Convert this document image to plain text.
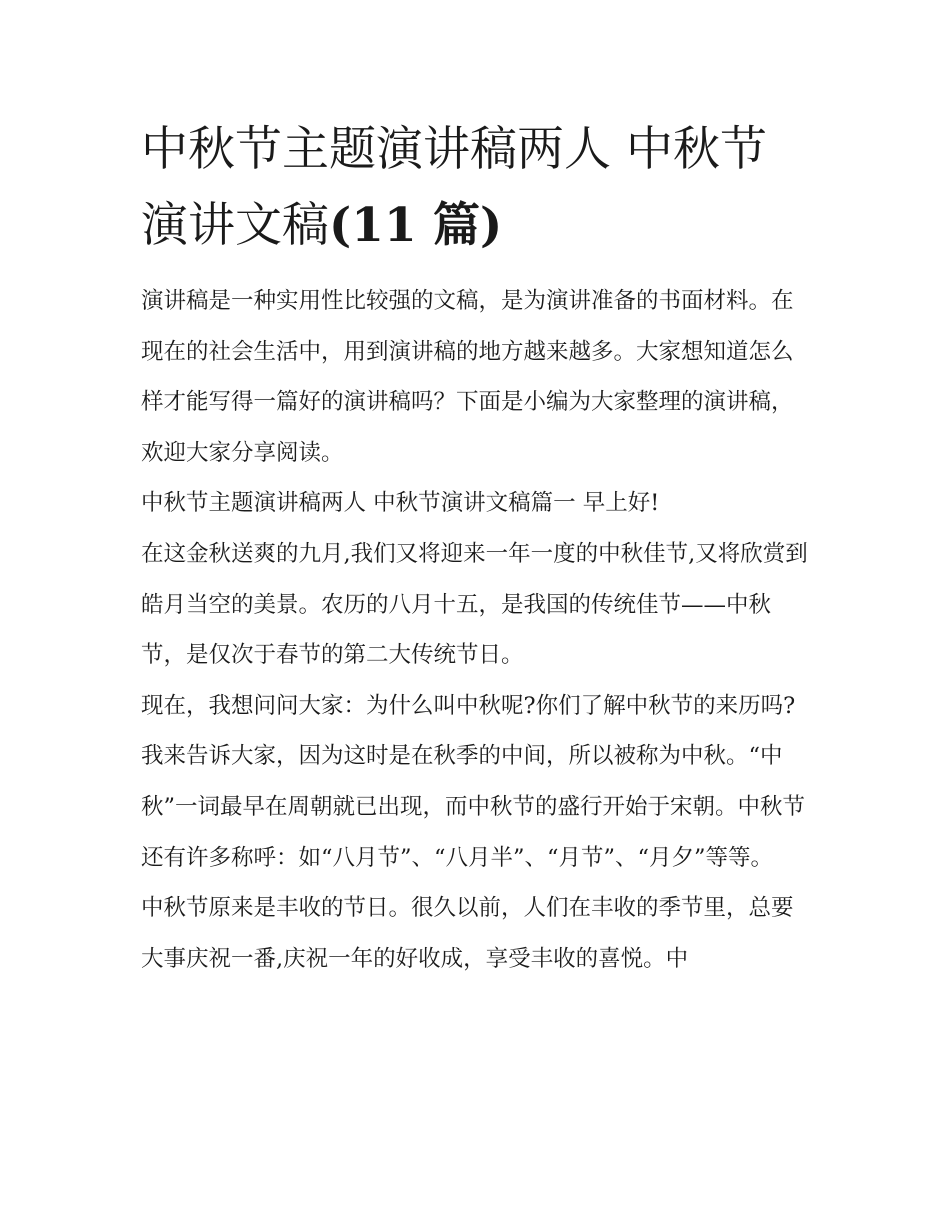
中秋节主题演讲稿两人 中秋节演讲文稿(11 篇)

演讲稿是一种实用性比较强的文稿，是为演讲准备的书面材料。在现在的社会生活中，用到演讲稿的地方越来越多。大家想知道怎么样才能写得一篇好的演讲稿吗？下面是小编为大家整理的演讲稿，欢迎大家分享阅读。

中秋节主题演讲稿两人 中秋节演讲文稿篇一 早上好!

在这金秋送爽的九月,我们又将迎来一年一度的中秋佳节,又将欣赏到皓月当空的美景。农历的八月十五，是我国的传统佳节——中秋节，是仅次于春节的第二大传统节日。

现在，我想问问大家：为什么叫中秋呢?你们了解中秋节的来历吗?

我来告诉大家，因为这时是在秋季的中间，所以被称为中秋。“中秋”一词最早在周朝就已出现，而中秋节的盛行开始于宋朝。中秋节还有许多称呼：如“八月节”、“八月半”、“月节”、“月夕”等等。

中秋节原来是丰收的节日。很久以前，人们在丰收的季节里，总要大事庆祝一番,庆祝一年的好收成，享受丰收的喜悦。中
